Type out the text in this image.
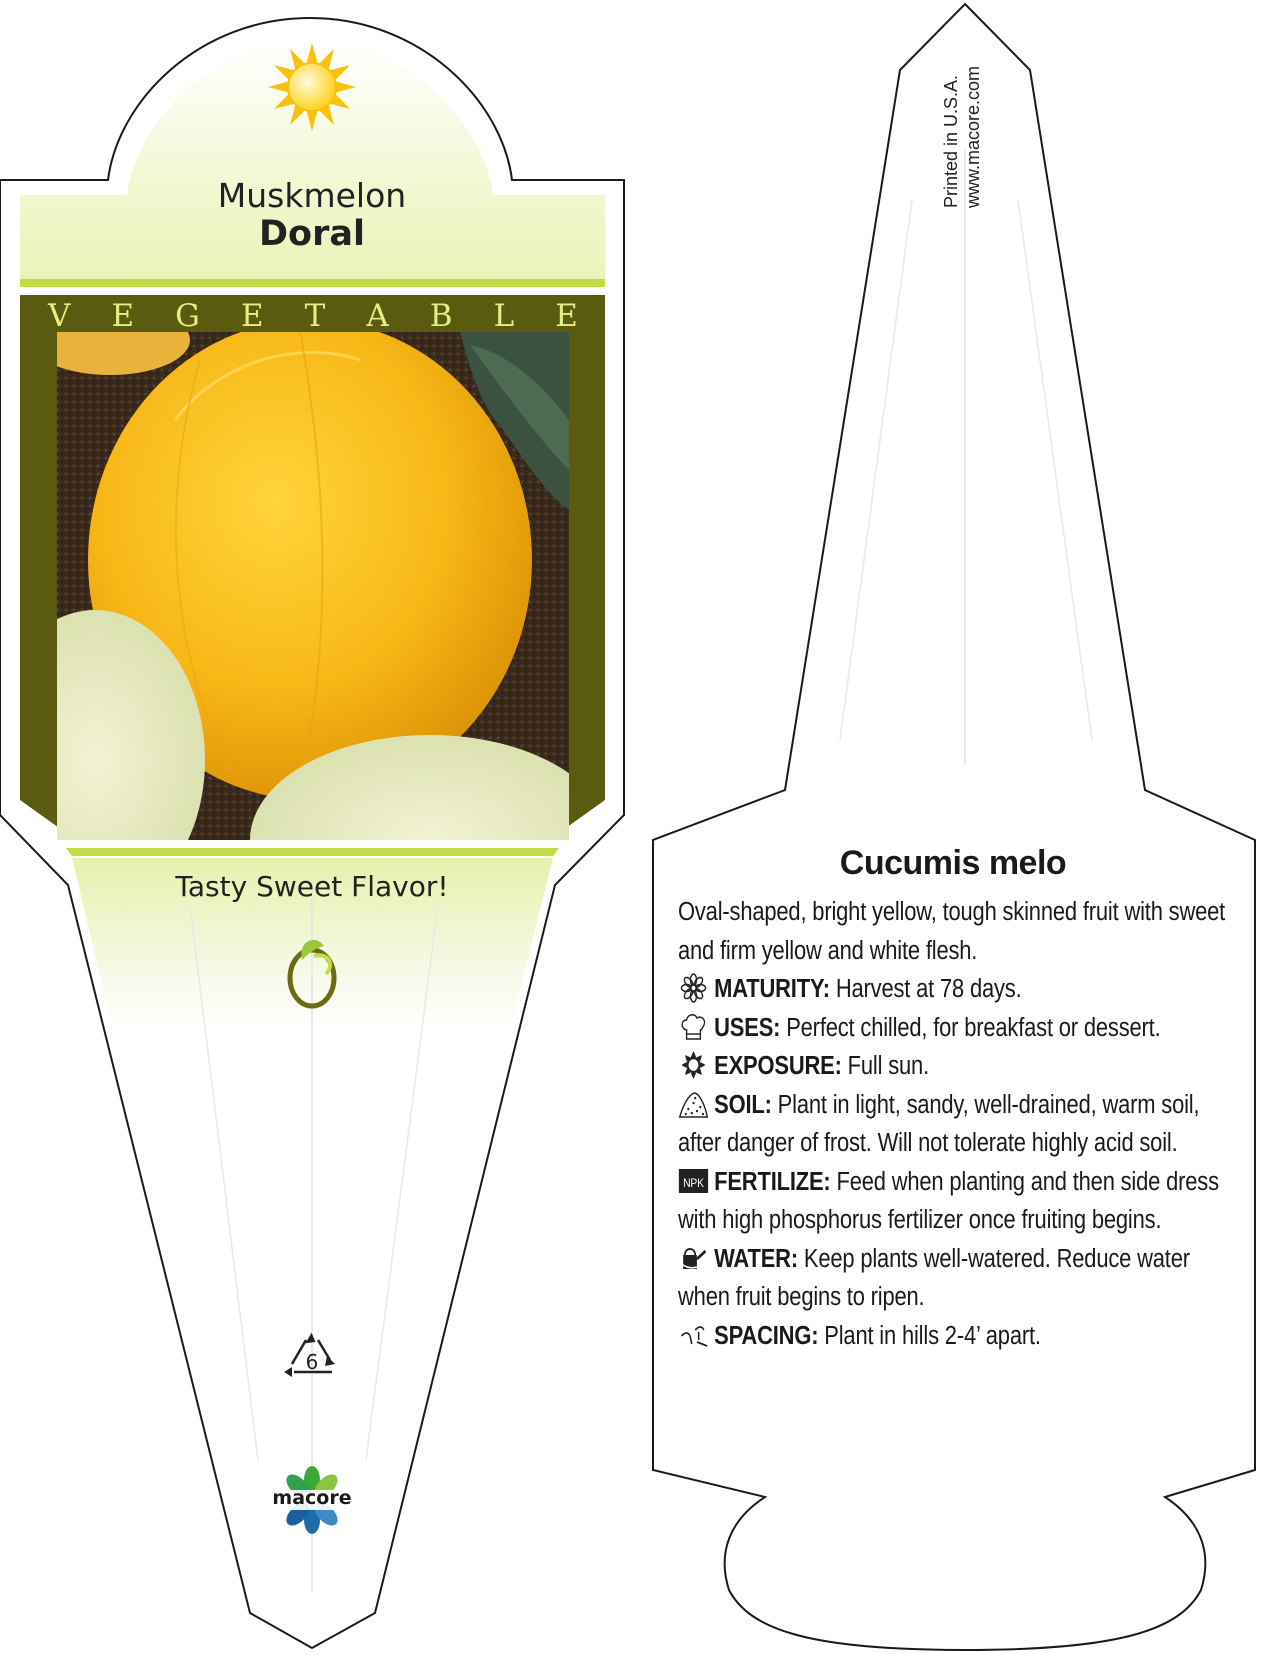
Muskmelon
Doral
V E G E T A B L E
Tasty Sweet Flavor!
6
macore
Printed in U.S.A. www.macore.com
Cucumis melo

Oval-shaped, bright yellow, tough skinned fruit with sweet and firm yellow and white flesh.

MATURITY: Harvest at 78 days.

USES: Perfect chilled, for breakfast or dessert.

EXPOSURE: Full sun.

SOIL: Plant in light, sandy, well-drained, warm soil, after danger of frost. Will not tolerate highly acid soil.

NPK FERTILIZE: Feed when planting and then side dress with high phosphorus fertilizer once fruiting begins.

WATER: Keep plants well-watered. Reduce water when fruit begins to ripen.

SPACING: Plant in hills 2-4’ apart.
